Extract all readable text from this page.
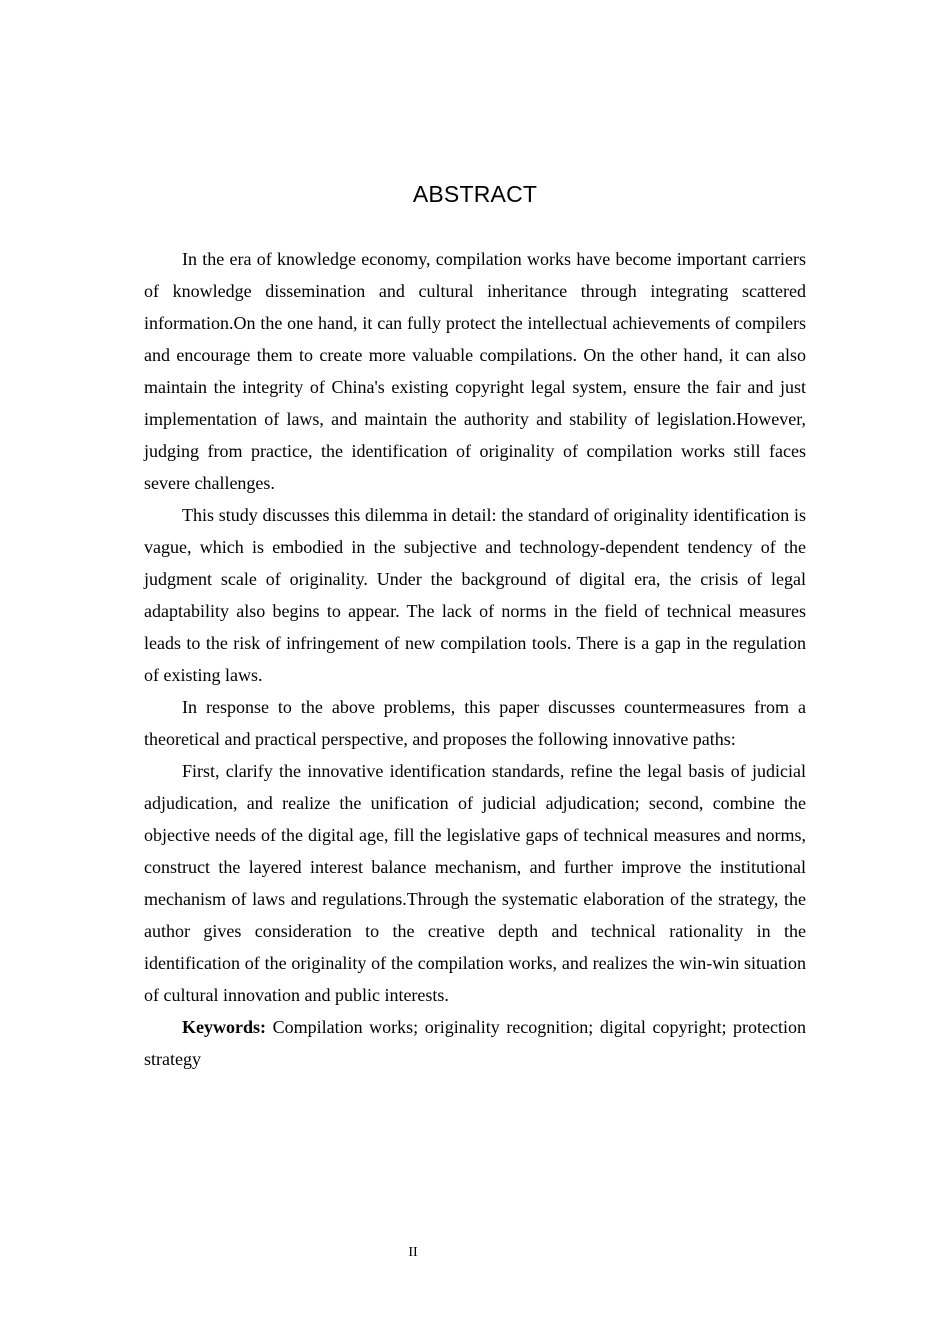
ABSTRACT

In the era of knowledge economy, compilation works have become important carriers of knowledge dissemination and cultural inheritance through integrating scattered information.On the one hand, it can fully protect the intellectual achievements of compilers and encourage them to create more valuable compilations. On the other hand, it can also maintain the integrity of China's existing copyright legal system, ensure the fair and just implementation of laws, and maintain the authority and stability of legislation.However, judging from practice, the identification of originality of compilation works still faces severe challenges.

This study discusses this dilemma in detail: the standard of originality identification is vague, which is embodied in the subjective and technology-dependent tendency of the judgment scale of originality. Under the background of digital era, the crisis of legal adaptability also begins to appear. The lack of norms in the field of technical measures leads to the risk of infringement of new compilation tools. There is a gap in the regulation of existing laws.

In response to the above problems, this paper discusses countermeasures from a theoretical and practical perspective, and proposes the following innovative paths:

First, clarify the innovative identification standards, refine the legal basis of judicial adjudication, and realize the unification of judicial adjudication; second, combine the objective needs of the digital age, fill the legislative gaps of technical measures and norms, construct the layered interest balance mechanism, and further improve the institutional mechanism of laws and regulations.Through the systematic elaboration of the strategy, the author gives consideration to the creative depth and technical rationality in the identification of the originality of the compilation works, and realizes the win-win situation of cultural innovation and public interests.

Keywords: Compilation works; originality recognition; digital copyright; protection strategy

II
